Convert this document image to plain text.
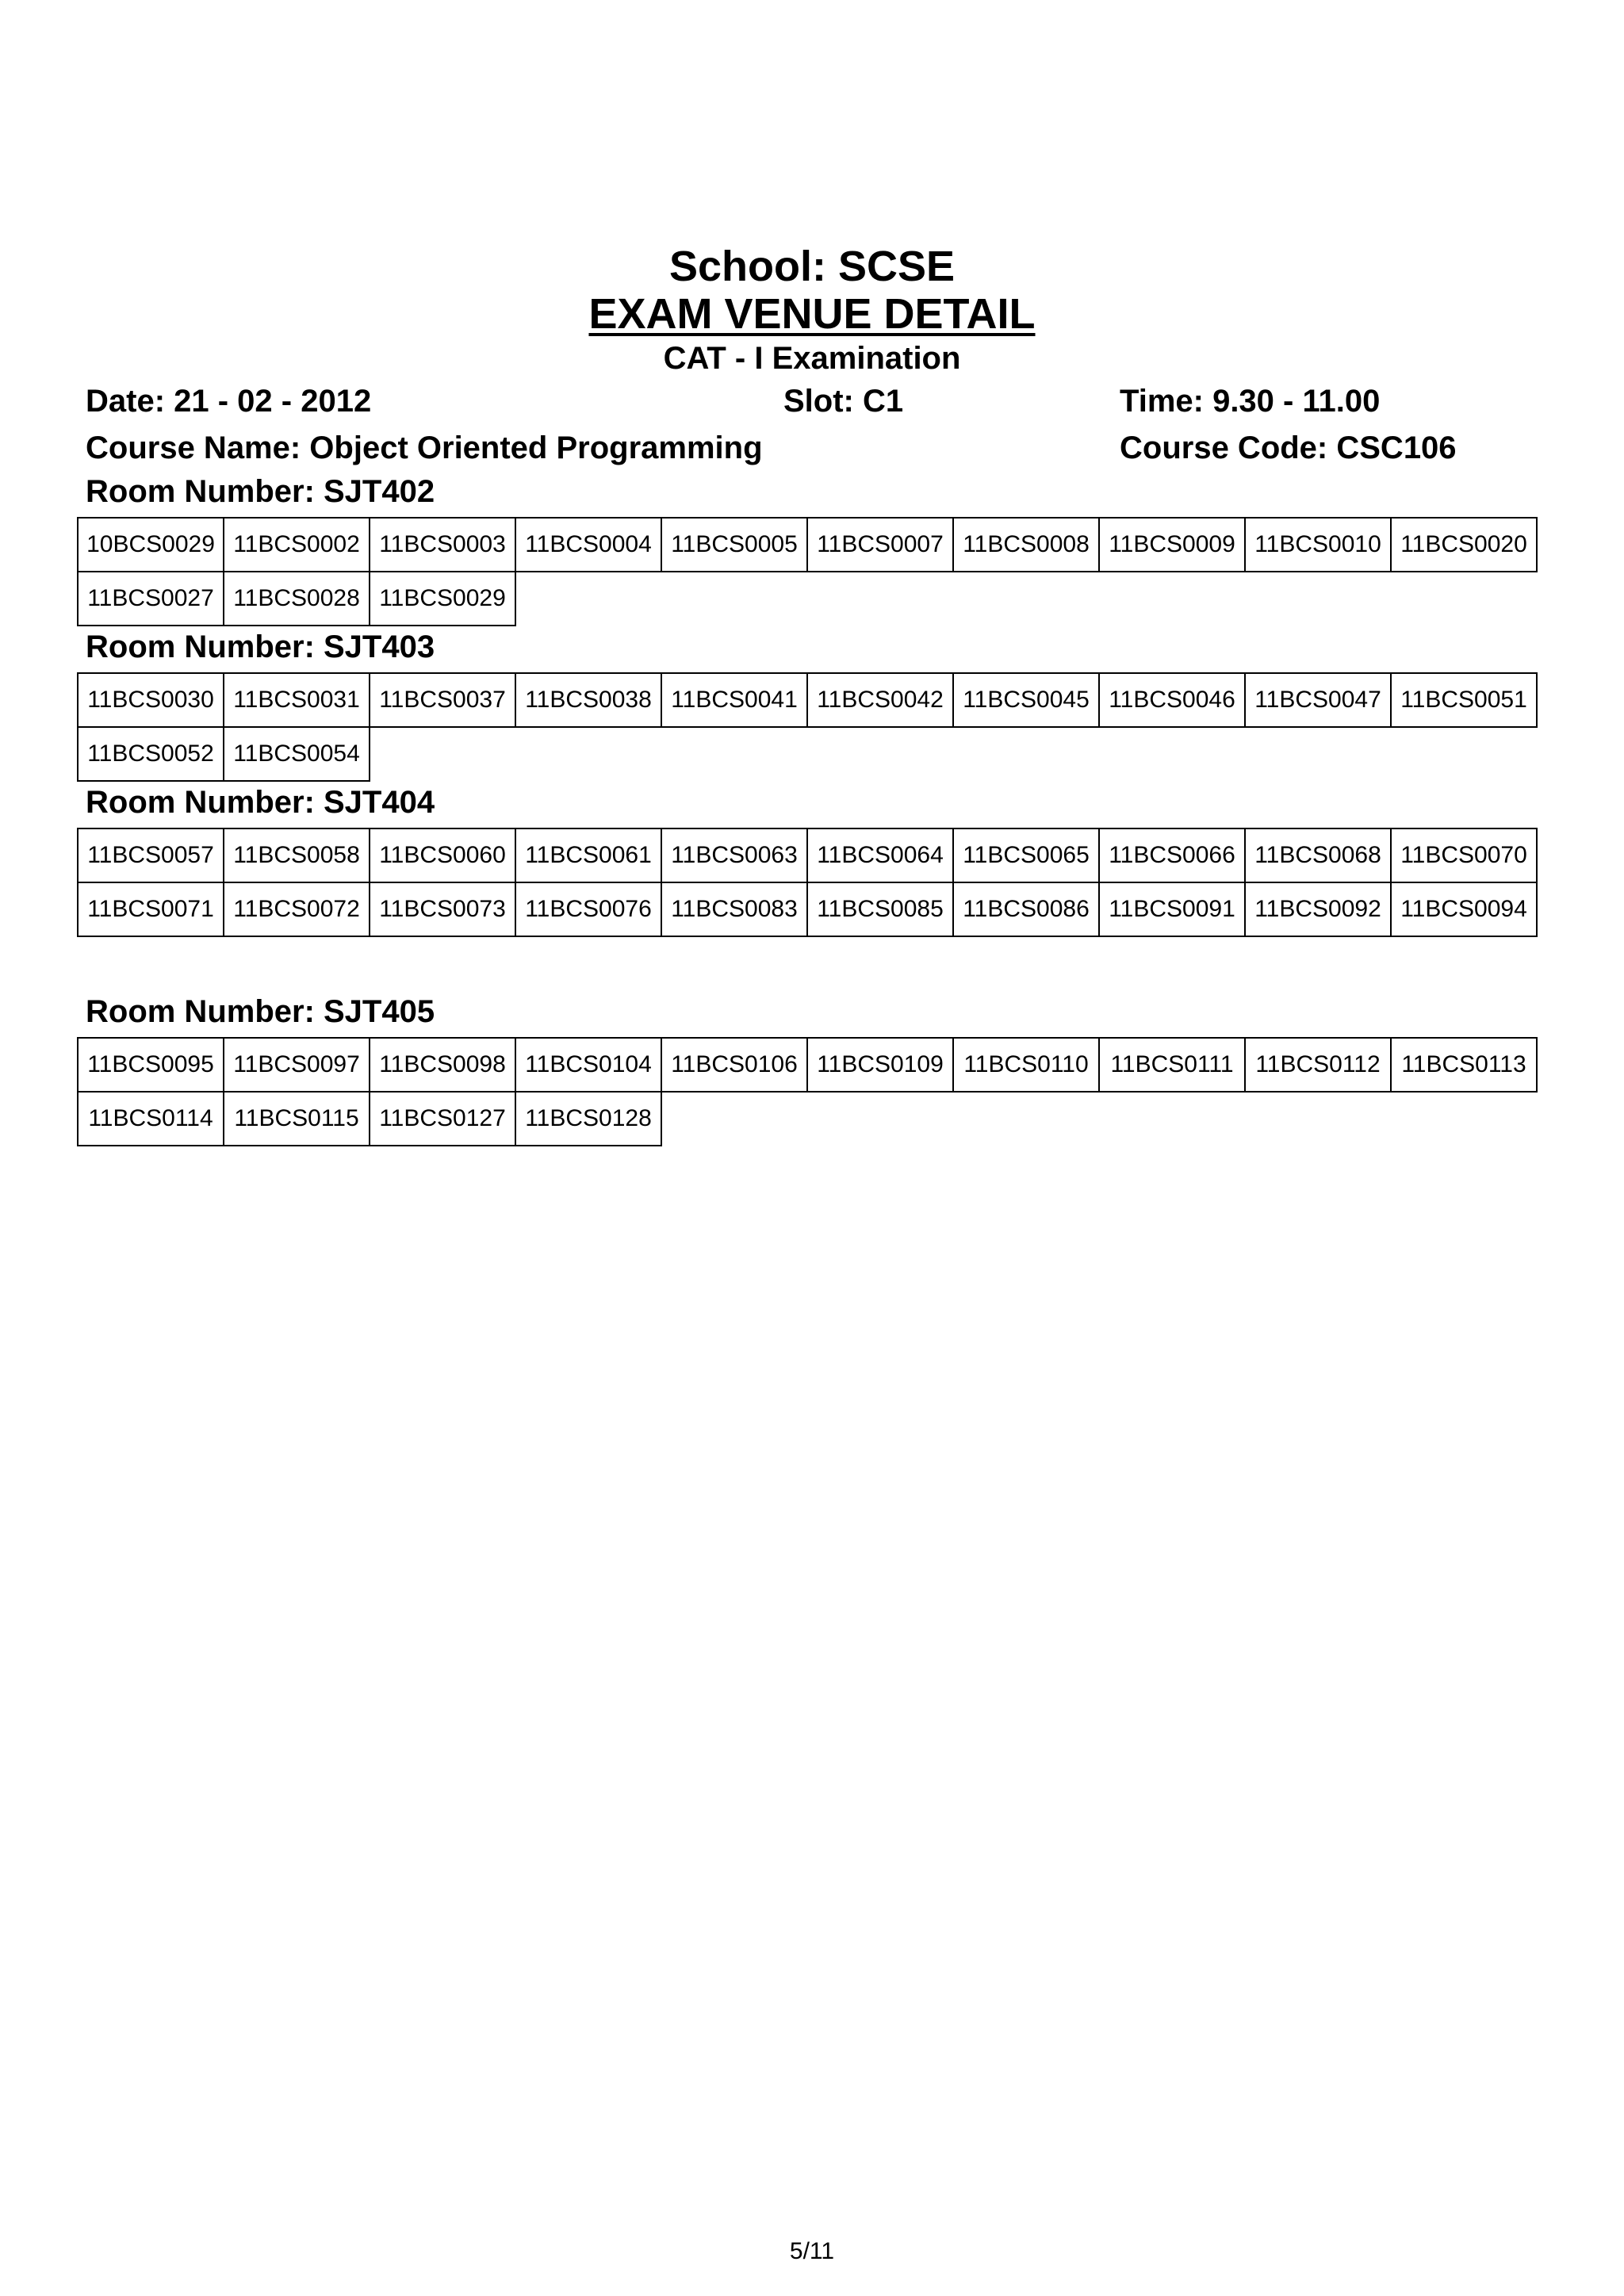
School: SCSE
EXAM VENUE DETAIL
CAT - I Examination
Date: 21 - 02 - 2012	Slot: C1	Time: 9.30 - 11.00
Course Name: Object Oriented Programming	Course Code: CSC106
Room Number: SJT402
10BCS0029 11BCS0002 11BCS0003 11BCS0004 11BCS0005 11BCS0007 11BCS0008 11BCS0009 11BCS0010 11BCS0020
11BCS0027 11BCS0028 11BCS0029
Room Number: SJT403
11BCS0030 11BCS0031 11BCS0037 11BCS0038 11BCS0041 11BCS0042 11BCS0045 11BCS0046 11BCS0047 11BCS0051
11BCS0052 11BCS0054
Room Number: SJT404
11BCS0057 11BCS0058 11BCS0060 11BCS0061 11BCS0063 11BCS0064 11BCS0065 11BCS0066 11BCS0068 11BCS0070
11BCS0071 11BCS0072 11BCS0073 11BCS0076 11BCS0083 11BCS0085 11BCS0086 11BCS0091 11BCS0092 11BCS0094
Room Number: SJT405
11BCS0095 11BCS0097 11BCS0098 11BCS0104 11BCS0106 11BCS0109 11BCS0110 11BCS0111 11BCS0112 11BCS0113
11BCS0114 11BCS0115 11BCS0127 11BCS0128
5/11
